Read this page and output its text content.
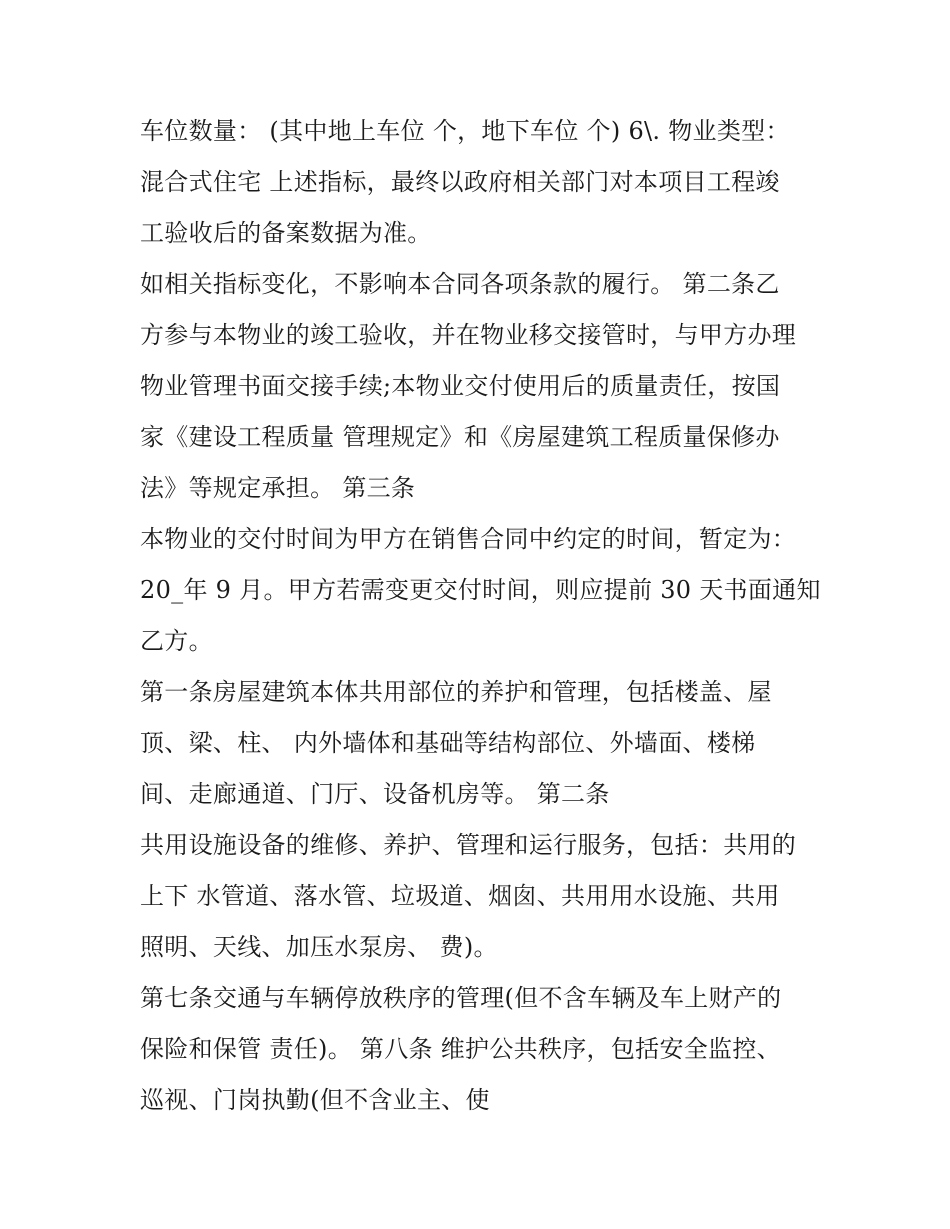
车位数量： (其中地上车位 个，地下车位 个) 6\. 物业类型：
混合式住宅 上述指标，最终以政府相关部门对本项目工程竣
工验收后的备案数据为准。
如相关指标变化，不影响本合同各项条款的履行。 第二条乙
方参与本物业的竣工验收，并在物业移交接管时，与甲方办理
物业管理书面交接手续;本物业交付使用后的质量责任，按国
家《建设工程质量 管理规定》和《房屋建筑工程质量保修办
法》等规定承担。 第三条
本物业的交付时间为甲方在销售合同中约定的时间，暂定为：
20_年 9 月。甲方若需变更交付时间，则应提前 30 天书面通知
乙方。
第一条房屋建筑本体共用部位的养护和管理，包括楼盖、屋
顶、梁、柱、 内外墙体和基础等结构部位、外墙面、楼梯
间、走廊通道、门厅、设备机房等。 第二条
共用设施设备的维修、养护、管理和运行服务，包括：共用的
上下 水管道、落水管、垃圾道、烟囱、共用用水设施、共用
照明、天线、加压水泵房、 费)。
第七条交通与车辆停放秩序的管理(但不含车辆及车上财产的
保险和保管 责任)。 第八条 维护公共秩序，包括安全监控、
巡视、门岗执勤(但不含业主、使
